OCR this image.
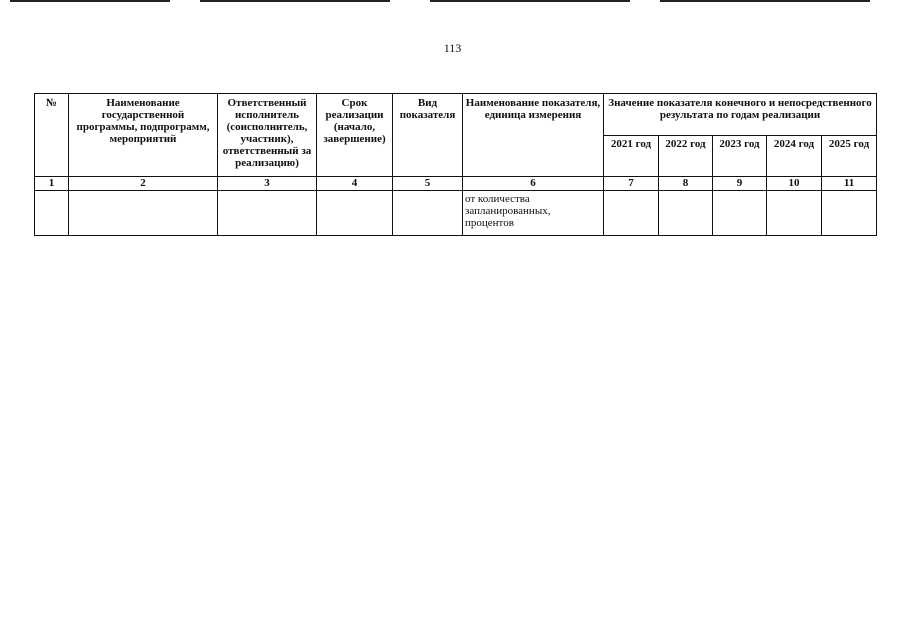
113
№	Наименование государственной программы, подпрограмм, мероприятий	Ответственный исполнитель (соисполнитель, участник), ответственный за реализацию)	Срок реализации (начало, завершение)	Вид показателя	Наименование показателя, единица измерения	Значение показателя конечного и непосредственного результата по годам реализации				
						2021 год	2022 год	2023 год	2024 год	2025 год
1	2	3	4	5	6	7	8	9	10	11
					от количества запланированных, процентов					
